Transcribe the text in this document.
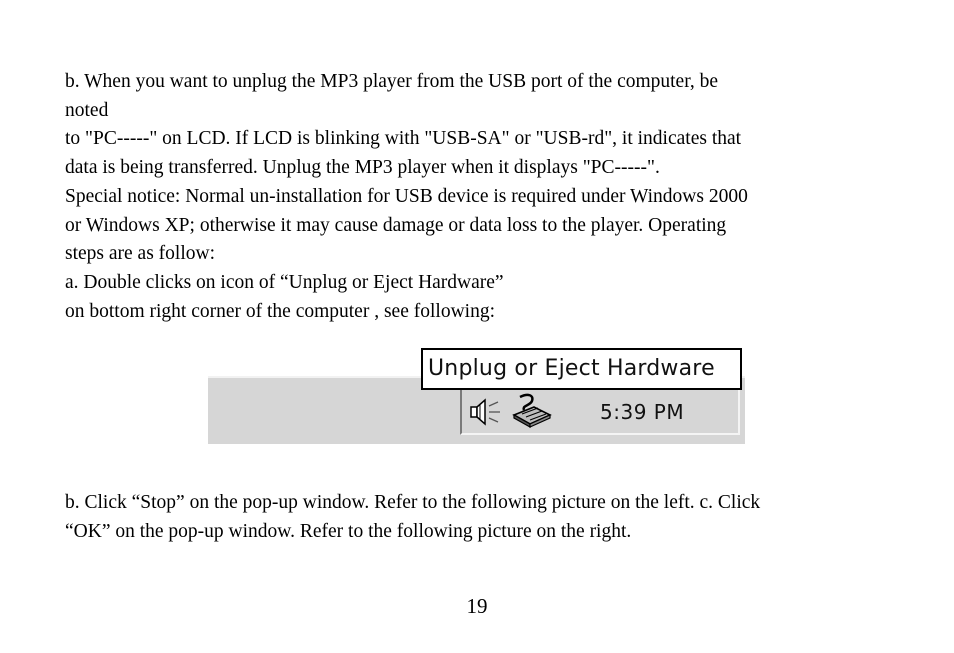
b. When you want to unplug the MP3 player from the USB port of the computer, be
noted
to "PC-----" on LCD. If LCD is blinking with "USB-SA" or "USB-rd", it indicates that
data is being transferred. Unplug the MP3 player when it displays "PC-----".
Special notice: Normal un-installation for USB device is required under Windows 2000
or Windows XP; otherwise it may cause damage or data loss to the player. Operating
steps are as follow:
a. Double clicks on icon of “Unplug or Eject Hardware”
on bottom right corner of the computer , see following:
5:39 PM
Unplug or Eject Hardware
b. Click “Stop” on the pop-up window. Refer to the following picture on the left. c. Click
“OK” on the pop-up window. Refer to the following picture on the right.
19
